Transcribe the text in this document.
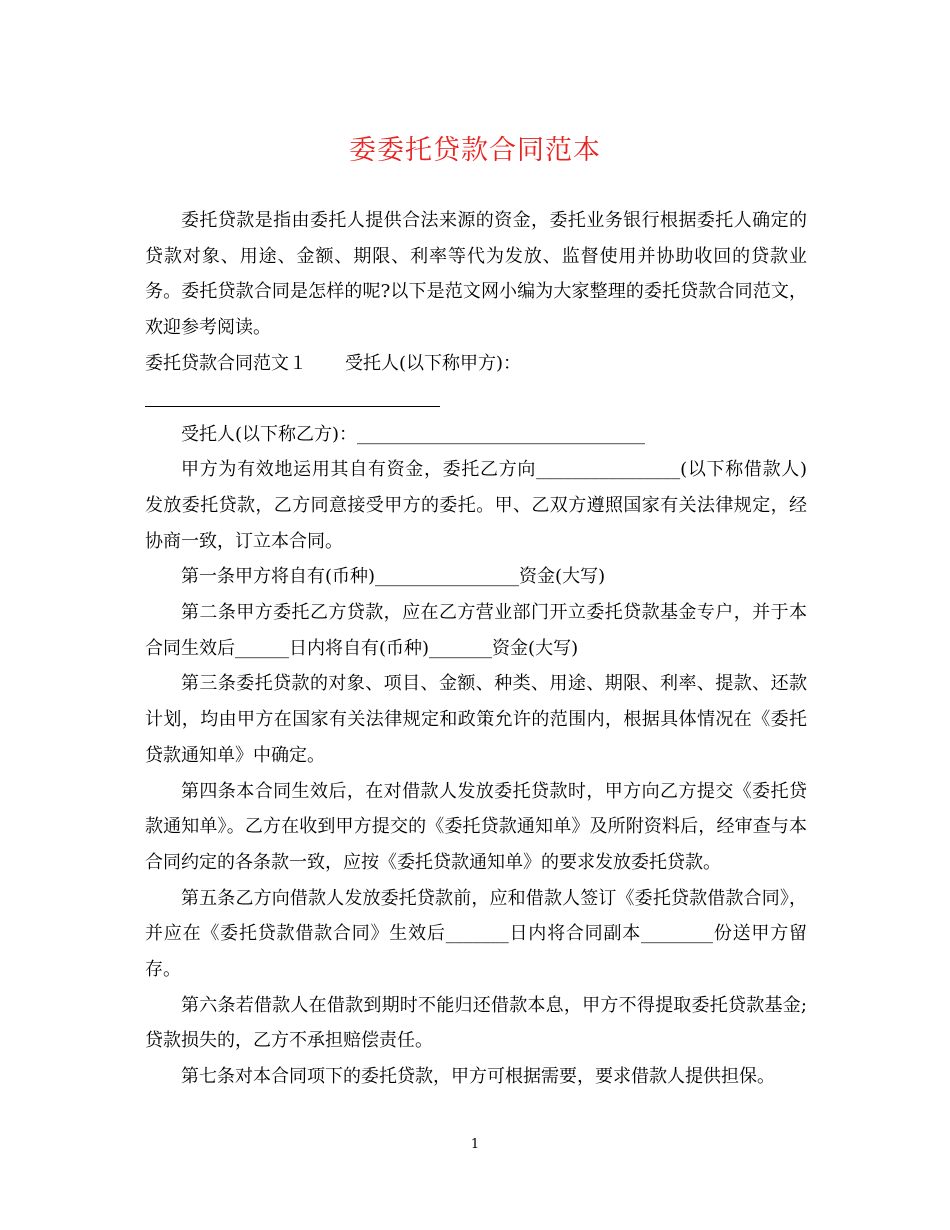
委委托贷款合同范本

委托贷款是指由委托人提供合法来源的资金，委托业务银行根据委托人确定的贷款对象、用途、金额、期限、利率等代为发放、监督使用并协助收回的贷款业务。委托贷款合同是怎样的呢?以下是范文网小编为大家整理的委托贷款合同范文，欢迎参考阅读。

委托贷款合同范文１ 受托人(以下称甲方)：

受托人(以下称乙方)：________________________________

甲方为有效地运用其自有资金，委托乙方向________________(以下称借款人)发放委托贷款，乙方同意接受甲方的委托。甲、乙双方遵照国家有关法律规定，经协商一致，订立本合同。

第一条甲方将自有(币种)________________资金(大写)

第二条甲方委托乙方贷款，应在乙方营业部门开立委托贷款基金专户，并于本合同生效后______日内将自有(币种)_______资金(大写)

第三条委托贷款的对象、项目、金额、种类、用途、期限、利率、提款、还款计划，均由甲方在国家有关法律规定和政策允许的范围内，根据具体情况在《委托贷款通知单》中确定。

第四条本合同生效后，在对借款人发放委托贷款时，甲方向乙方提交《委托贷款通知单》。乙方在收到甲方提交的《委托贷款通知单》及所附资料后，经审查与本合同约定的各条款一致，应按《委托贷款通知单》的要求发放委托贷款。

第五条乙方向借款人发放委托贷款前，应和借款人签订《委托贷款借款合同》，并应在《委托贷款借款合同》生效后_______日内将合同副本________份送甲方留存。

第六条若借款人在借款到期时不能归还借款本息，甲方不得提取委托贷款基金;贷款损失的，乙方不承担赔偿责任。

第七条对本合同项下的委托贷款，甲方可根据需要，要求借款人提供担保。

1
